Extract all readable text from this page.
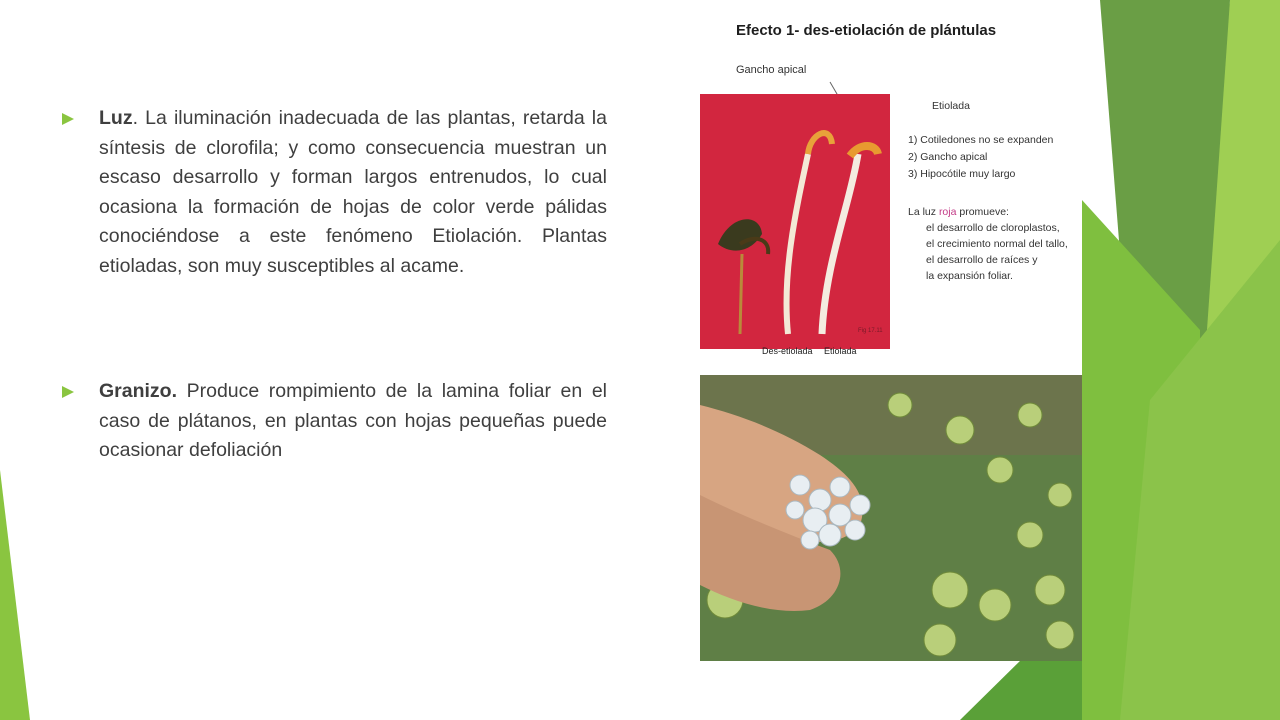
Luz. La iluminación inadecuada de las plantas, retarda la síntesis de clorofila; y como consecuencia muestran un escaso desarrollo y forman largos entrenudos, lo cual ocasiona la formación de hojas de color verde pálidas conociéndose a este fenómeno Etiolación. Plantas etioladas, son muy susceptibles al acame.
Granizo. Produce rompimiento de la lamina foliar en el caso de plátanos, en plantas con hojas pequeñas puede ocasionar defoliación
Efecto 1- des-etiolación de plántulas
Gancho apical
Etiolada
1) Cotiledones no se expanden
2) Gancho apical
3) Hipocótile muy largo
La luz roja promueve:
el desarrollo de cloroplastos,
el crecimiento normal del tallo,
el desarrollo de raíces y
la expansión foliar.
Des-etiolada Etiolada
Fig 17.11
